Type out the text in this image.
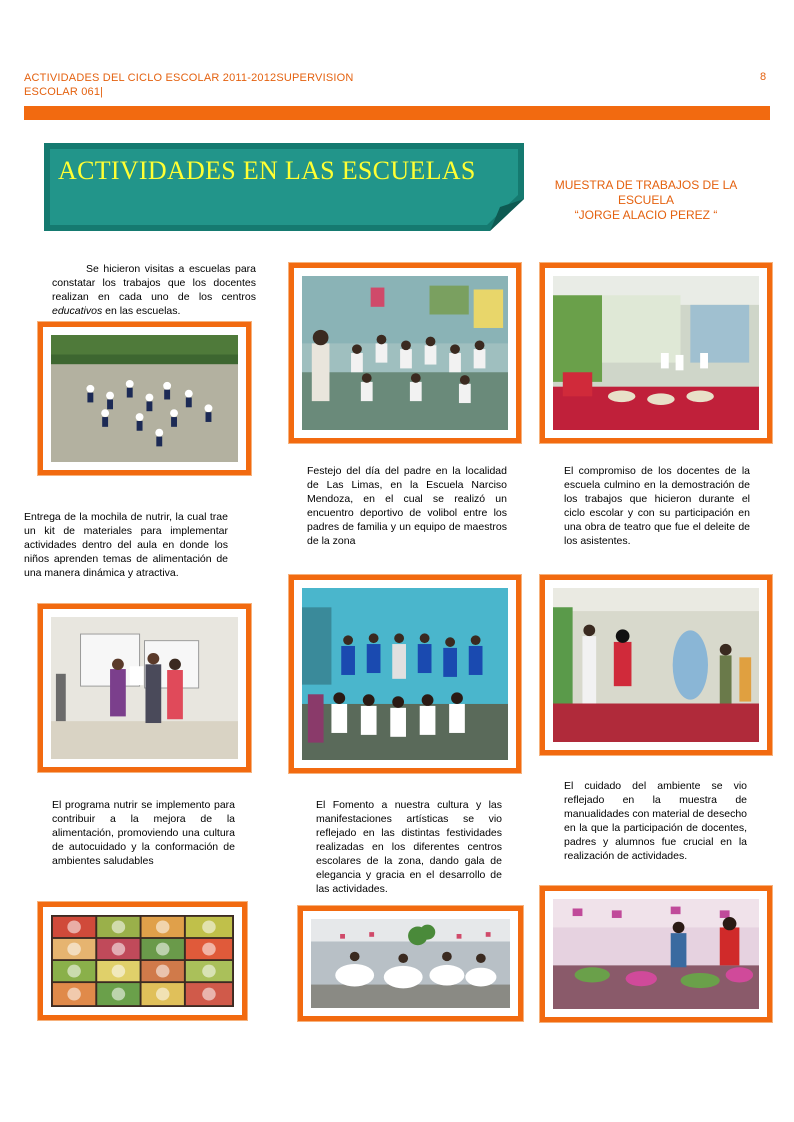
ACTIVIDADES DEL CICLO ESCOLAR 2011-2012SUPERVISION ESCOLAR 061|
8
ACTIVIDADES EN LAS ESCUELAS	MUESTRA DE TRABAJOS DE LA ESCUELA
“JORGE ALACIO PEREZ “
Se hicieron visitas a escuelas para constatar los trabajos que los docentes realizan en cada uno de los centros educativos en las escuelas.
Entrega de la mochila de nutrir, la cual trae un kit de materiales para implementar actividades dentro del aula en donde los niños aprenden temas de alimentación de una manera dinámica y atractiva.
El programa nutrir se implemento para contribuir a la mejora de la alimentación, promoviendo una cultura de autocuidado y la conformación de ambientes saludables
Festejo del día del padre en la localidad de Las Limas, en la Escuela Narciso Mendoza, en el cual se realizó un encuentro deportivo de volibol entre los padres de familia y un equipo de maestros de la zona
El Fomento a nuestra cultura y las manifestaciones artísticas se vio reflejado en las distintas festividades realizadas en los diferentes centros escolares de la zona, dando gala de elegancia y gracia en el desarrollo de las actividades.
El compromiso de los docentes de la escuela culmino en la demostración de los trabajos que hicieron durante el ciclo escolar y con su participación en una obra de teatro que fue el deleite de los asistentes.
El cuidado del ambiente se vio reflejado en la muestra de manualidades con material de desecho en la que la participación de docentes, padres y alumnos fue crucial en la realización de actividades.
